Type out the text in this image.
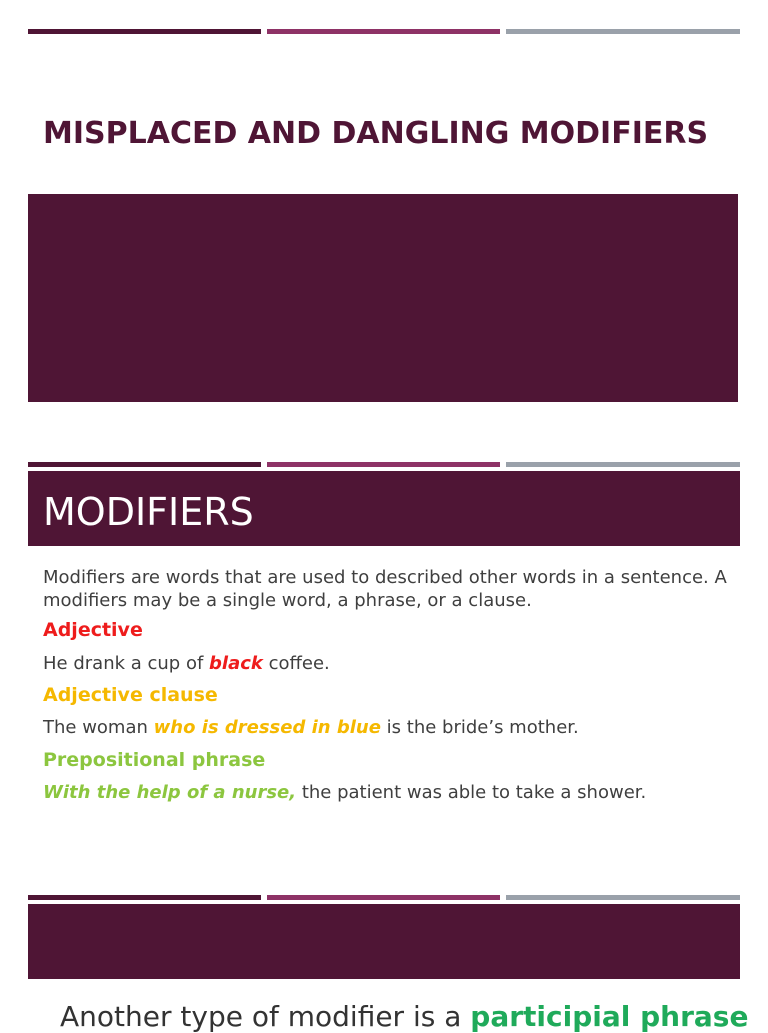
MISPLACED AND DANGLING MODIFIERS
MODIFIERS
Modifiers are words that are used to described other words in a sentence. A
modifiers may be a single word, a phrase, or a clause.
Adjective
He drank a cup of black coffee.
Adjective clause
The woman who is dressed in blue is the bride’s mother.
Prepositional phrase
With the help of a nurse, the patient was able to take a shower.
Another type of modifier is a participial phrase
